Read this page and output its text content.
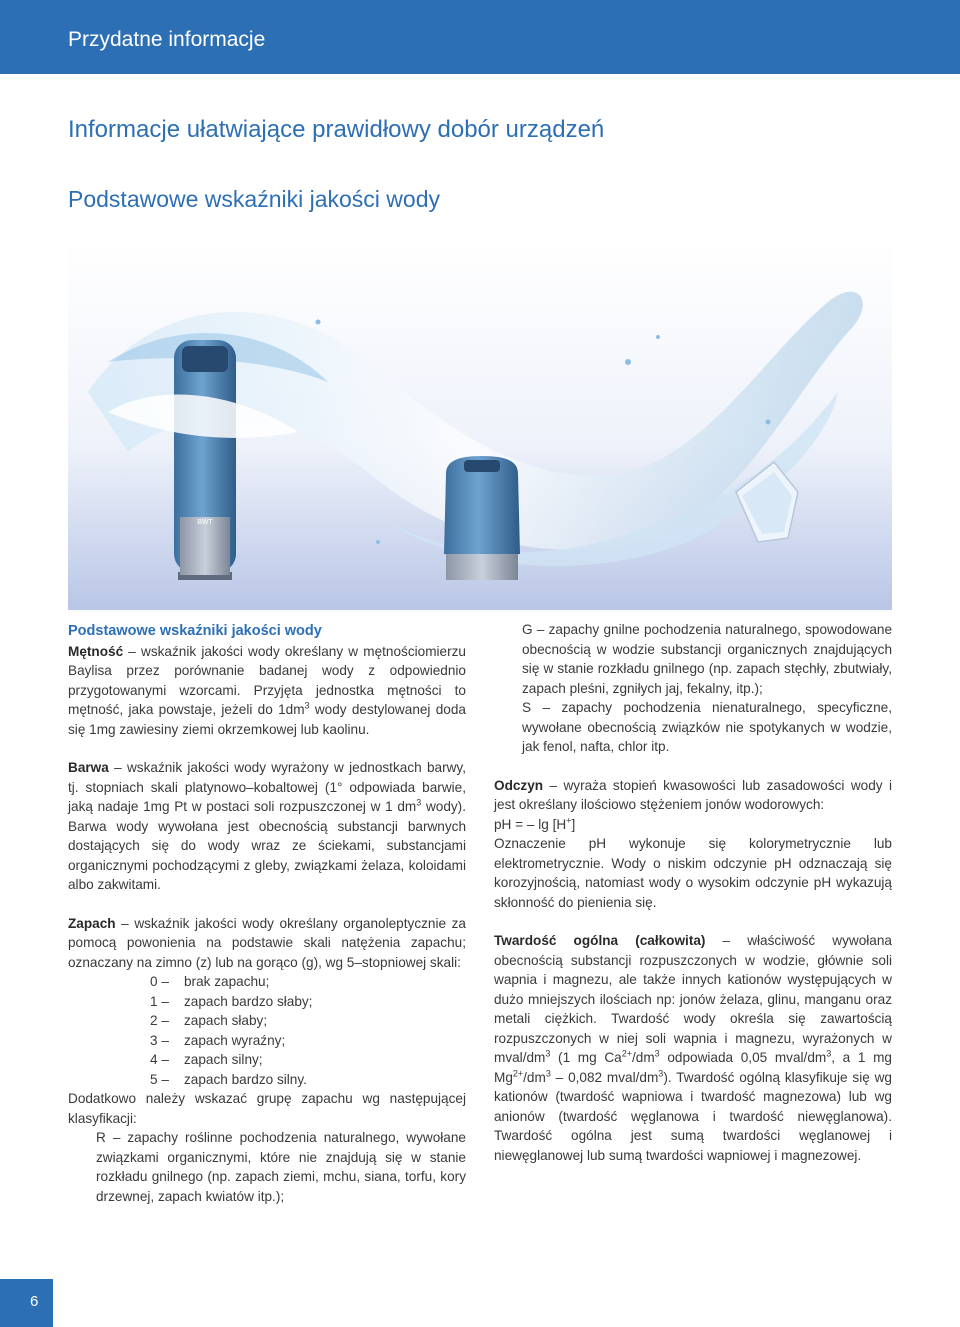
Przydatne informacje
Informacje ułatwiające prawidłowy dobór urządzeń
Podstawowe wskaźniki jakości wody
BWT

Podstawowe wskaźniki jakości wody

Mętność – wskaźnik jakości wody określany w mętnościomierzu Baylisa przez porównanie badanej wody z odpowiednio przygotowanymi wzorcami. Przyjęta jednostka mętności to mętność, jaka powstaje, jeżeli do $1dm^3$ wody destylowanej doda się 1mg zawiesiny ziemi okrzemkowej lub kaolinu.

Barwa – wskaźnik jakości wody wyrażony w jednostkach barwy, tj. stopniach skali platynowo–kobaltowej (1° odpowiada barwie, jaką nadaje 1mg Pt w postaci soli rozpuszczonej w 1 $dm^3$ wody). Barwa wody wywołana jest obecnością substancji barwnych dostających się do wody wraz ze ściekami, substancjami organicznymi pochodzącymi z gleby, związkami żelaza, koloidami albo zakwitami.

Zapach – wskaźnik jakości wody określany organoleptycznie za pomocą powonienia na podstawie skali natężenia zapachu; oznaczany na zimno (z) lub na gorąco (g), wg 5–stopniowej skali:

0 – brak zapachu;
1 – zapach bardzo słaby;
2 – zapach słaby;
3 – zapach wyraźny;
4 – zapach silny;
5 – zapach bardzo silny.

Dodatkowo należy wskazać grupę zapachu wg następującej klasyfikacji:

R – zapachy roślinne pochodzenia naturalnego, wywołane związkami organicznymi, które nie znajdują się w stanie rozkładu gnilnego (np. zapach ziemi, mchu, siana, torfu, kory drzewnej, zapach kwiatów itp.);

G – zapachy gnilne pochodzenia naturalnego, spowodowane obecnością w wodzie substancji organicznych znajdujących się w stanie rozkładu gnilnego (np. zapach stęchły, zbutwiały, zapach pleśni, zgniłych jaj, fekalny, itp.);

S – zapachy pochodzenia nienaturalnego, specyficzne, wywołane obecnością związków nie spotykanych w wodzie, jak fenol, nafta, chlor itp.

Odczyn – wyraża stopień kwasowości lub zasadowości wody i jest określany ilościowo stężeniem jonów wodorowych:

pH = – lg [H+]

Oznaczenie pH wykonuje się kolorymetrycznie lub elektrometrycznie. Wody o niskim odczynie pH odznaczają się korozyjnością, natomiast wody o wysokim odczynie pH wykazują skłonność do pienienia się.

Twardość ogólna (całkowita) – właściwość wywołana obecnością substancji rozpuszczonych w wodzie, głównie soli wapnia i magnezu, ale także innych kationów występujących w dużo mniejszych ilościach np: jonów żelaza, glinu, manganu oraz metali ciężkich. Twardość wody określa się zawartością rozpuszczonych w niej soli wapnia i magnezu, wyrażonych w mval/$dm^3$ (1 mg $Ca^{2+}/dm^3$ odpowiada 0,05 mval/$dm^3$, a 1 mg $Mg^{2+}/dm^3 - 0,082$ mval/$dm^3$). Twardość ogólną klasyfikuje się wg kationów (twardość wapniowa i twardość magnezowa) lub wg anionów (twardość węglanowa i twardość niewęglanowa). Twardość ogólna jest sumą twardości węglanowej i niewęglanowej lub sumą twardości wapniowej i magnezowej.

6
